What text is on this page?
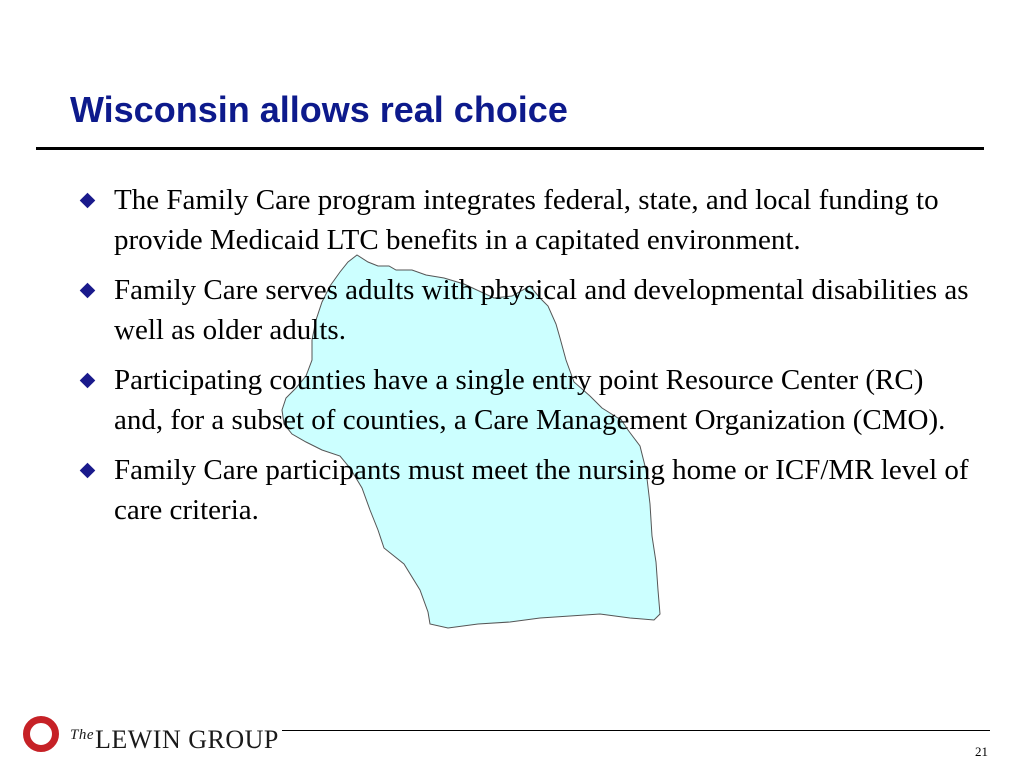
Wisconsin allows real choice
The Family Care program integrates federal, state, and local funding to provide Medicaid LTC benefits in a capitated environment.
Family Care serves adults with physical and developmental disabilities as well as older adults.
Participating counties have a single entry point Resource Center (RC) and, for a subset of counties, a Care Management Organization (CMO).
Family Care participants must meet the nursing home or ICF/MR level of care criteria.
$^{The}$LEWIN GROUP	21
